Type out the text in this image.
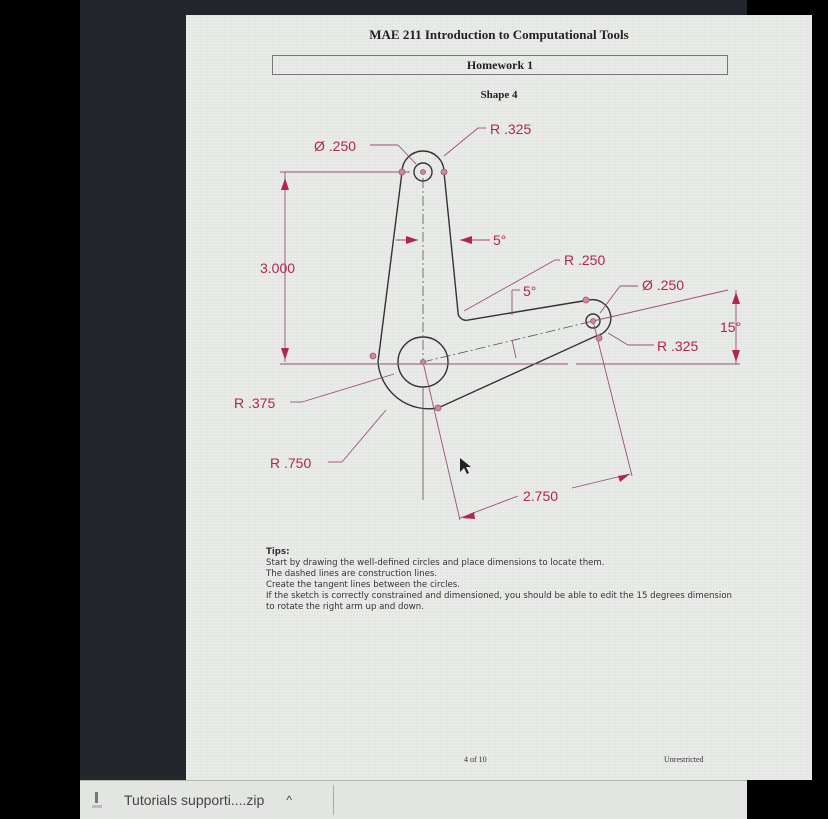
MAE 211 Introduction to Computational Tools
Homework 1
Shape 4
Ø .250
R .325
5°
3.000	R .250
5°	Ø .250
15°
R .325
R .375
R .750
2.750
Tips:
Start by drawing the well-defined circles and place dimensions to locate them.
The dashed lines are construction lines.
Create the tangent lines between the circles.
If the sketch is correctly constrained and dimensioned, you should be able to edit the 15 degrees dimension to rotate the right arm up and down.
4 of 10	Unrestricted
Tutorials supporti....zip ^
